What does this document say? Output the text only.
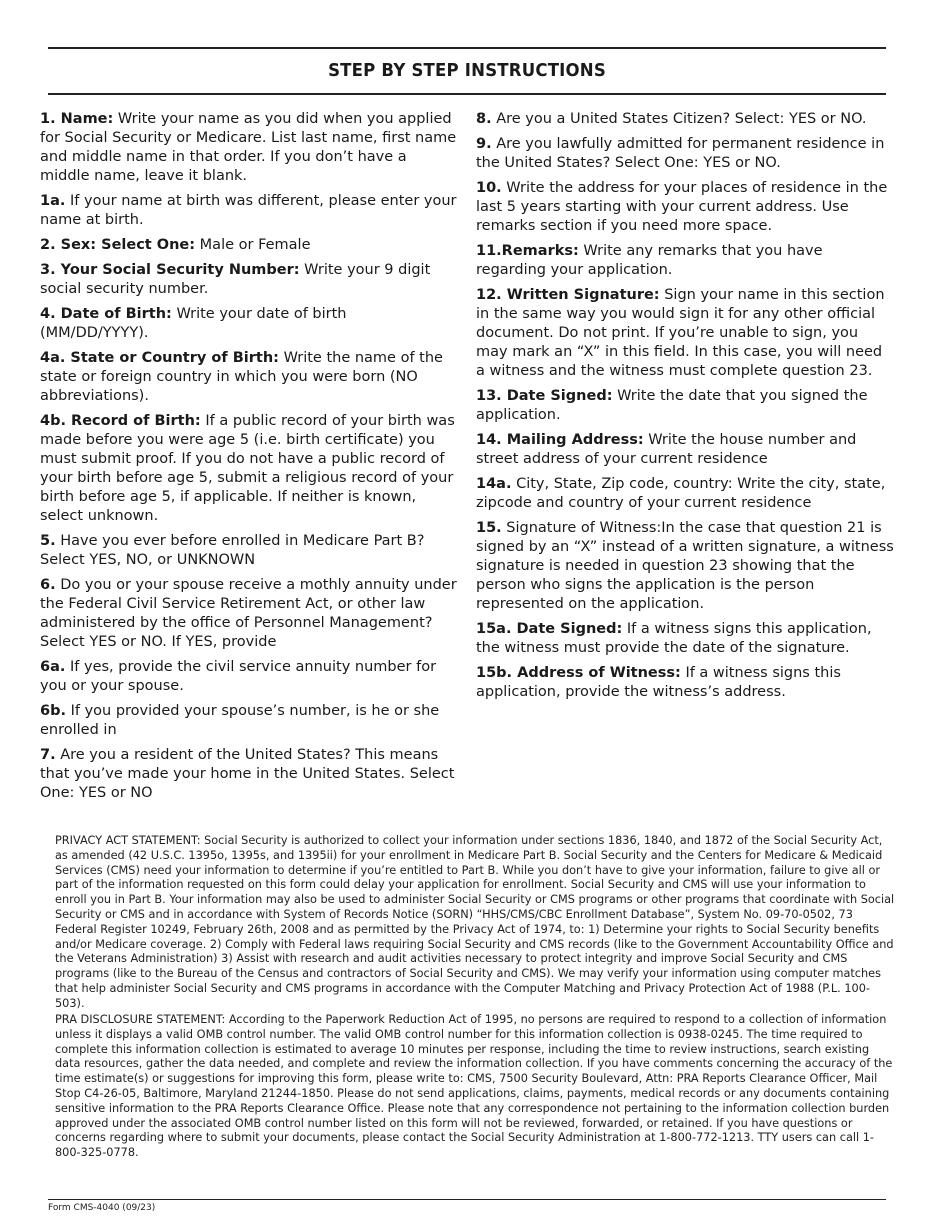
STEP BY STEP INSTRUCTIONS
1. Name: Write your name as you did when you applied for Social Security or Medicare. List last name, first name and middle name in that order. If you don’t have a middle name, leave it blank.
1a. If your name at birth was different, please enter your name at birth.
2. Sex: Select One: Male or Female
3. Your Social Security Number: Write your 9 digit social security number.
4. Date of Birth: Write your date of birth (MM/DD/YYYY).
4a. State or Country of Birth: Write the name of the state or foreign country in which you were born (NO abbreviations).
4b. Record of Birth: If a public record of your birth was made before you were age 5 (i.e. birth certificate) you must submit proof. If you do not have a public record of your birth before age 5, submit a religious record of your birth before age 5, if applicable. If neither is known, select unknown.
5. Have you ever before enrolled in Medicare Part B? Select YES, NO, or UNKNOWN
6. Do you or your spouse receive a mothly annuity under the Federal Civil Service Retirement Act, or other law administered by the office of Personnel Management? Select YES or NO. If YES, provide
6a. If yes, provide the civil service annuity number for you or your spouse.
6b. If you provided your spouse’s number, is he or she enrolled in
7. Are you a resident of the United States? This means that you’ve made your home in the United States. Select One: YES or NO
8. Are you a United States Citizen? Select: YES or NO.
9. Are you lawfully admitted for permanent residence in the United States? Select One: YES or NO.
10. Write the address for your places of residence in the last 5 years starting with your current address. Use remarks section if you need more space.
11.Remarks: Write any remarks that you have regarding your application.
12. Written Signature: Sign your name in this section in the same way you would sign it for any other official document. Do not print. If you’re unable to sign, you may mark an “X” in this field. In this case, you will need a witness and the witness must complete question 23.
13. Date Signed: Write the date that you signed the application.
14. Mailing Address: Write the house number and street address of your current residence
14a. City, State, Zip code, country: Write the city, state, zipcode and country of your current residence
15. Signature of Witness:In the case that question 21 is signed by an “X” instead of a written signature, a witness signature is needed in question 23 showing that the person who signs the application is the person represented on the application.
15a. Date Signed: If a witness signs this application, the witness must provide the date of the signature.
15b. Address of Witness: If a witness signs this application, provide the witness’s address.
PRIVACY ACT STATEMENT: Social Security is authorized to collect your information under sections 1836, 1840, and 1872 of the Social Security Act, as amended (42 U.S.C. 1395o, 1395s, and 1395ii) for your enrollment in Medicare Part B. Social Security and the Centers for Medicare & Medicaid Services (CMS) need your information to determine if you’re entitled to Part B. While you don’t have to give your information, failure to give all or part of the information requested on this form could delay your application for enrollment. Social Security and CMS will use your information to enroll you in Part B. Your information may also be used to administer Social Security or CMS programs or other programs that coordinate with Social Security or CMS and in accordance with System of Records Notice (SORN) “HHS/CMS/CBC Enrollment Database”, System No. 09-70-0502, 73 Federal Register 10249, February 26th, 2008 and as permitted by the Privacy Act of 1974, to: 1) Determine your rights to Social Security benefits and/or Medicare coverage. 2) Comply with Federal laws requiring Social Security and CMS records (like to the Government Accountability Office and the Veterans Administration) 3) Assist with research and audit activities necessary to protect integrity and improve Social Security and CMS programs (like to the Bureau of the Census and contractors of Social Security and CMS). We may verify your information using computer matches that help administer Social Security and CMS programs in accordance with the Computer Matching and Privacy Protection Act of 1988 (P.L. 100-503).
PRA DISCLOSURE STATEMENT: According to the Paperwork Reduction Act of 1995, no persons are required to respond to a collection of information unless it displays a valid OMB control number. The valid OMB control number for this information collection is 0938-0245. The time required to complete this information collection is estimated to average 10 minutes per response, including the time to review instructions, search existing data resources, gather the data needed, and complete and review the information collection. If you have comments concerning the accuracy of the time estimate(s) or suggestions for improving this form, please write to: CMS, 7500 Security Boulevard, Attn: PRA Reports Clearance Officer, Mail Stop C4-26-05, Baltimore, Maryland 21244-1850. Please do not send applications, claims, payments, medical records or any documents containing sensitive information to the PRA Reports Clearance Office. Please note that any correspondence not pertaining to the information collection burden approved under the associated OMB control number listed on this form will not be reviewed, forwarded, or retained. If you have questions or concerns regarding where to submit your documents, please contact the Social Security Administration at 1-800-772-1213. TTY users can call 1-800-325-0778.
Form CMS-4040 (09/23)
